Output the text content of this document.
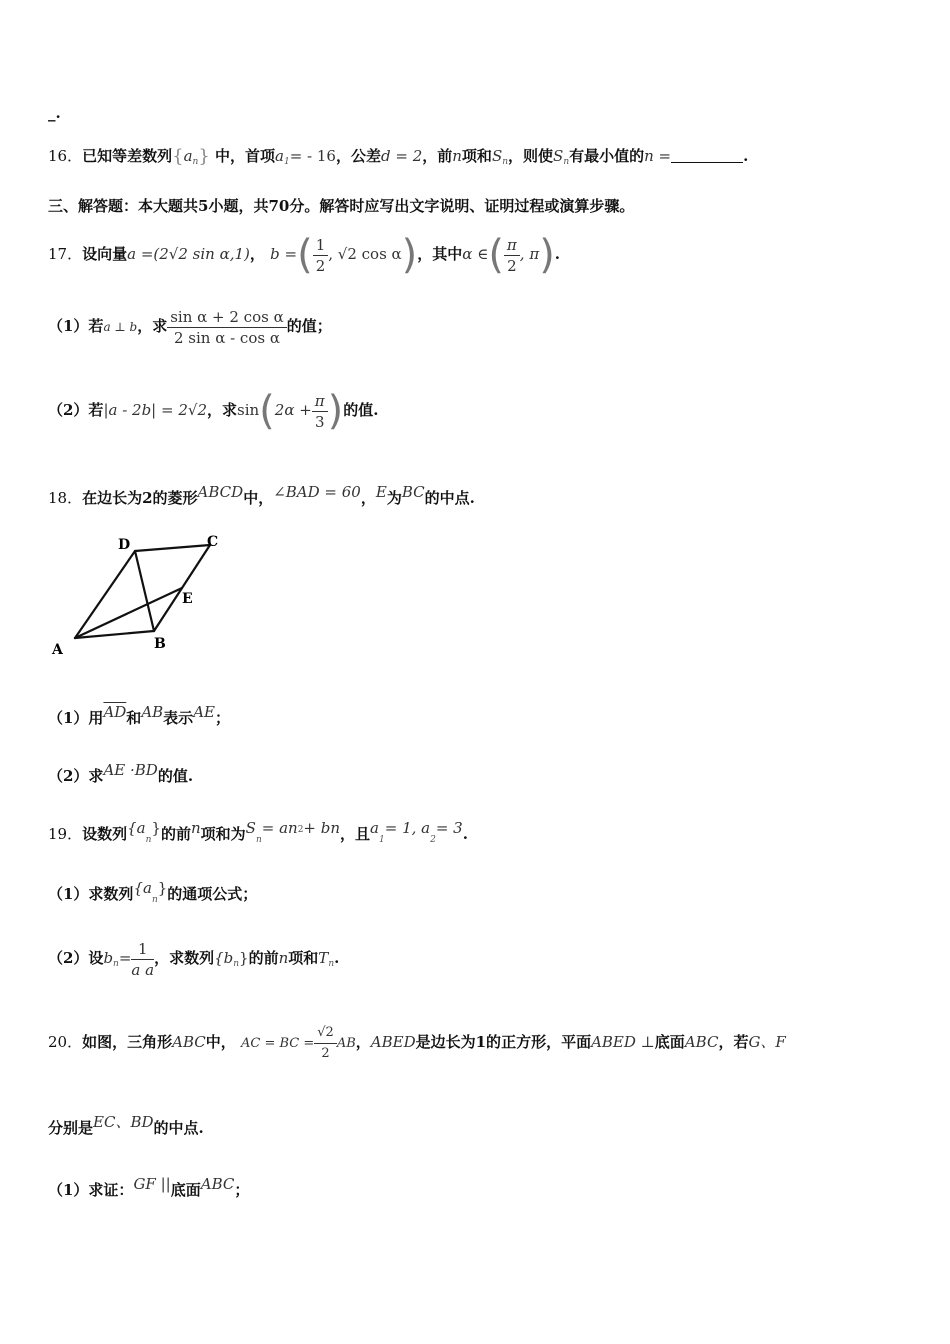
_.
16．已知等差数列$\{a_n\}$ 中，首项$a_1= - 16$，公差d = 2，前n项和$S_n$，则使$S_n$有最小值的n =	.
三、解答题：本大题共5小题，共70分。解答时应写出文字说明、证明过程或演算步骤。
17．设向量a =(2√2 sin α,1)， b =( $\frac{1}{2}$ , √2 cos α)，其中α ∈( $\frac{\pi}{2}$ , π).
（1）若a ⊥ b，求 $\frac{\text{sin α + 2 cos α}}{\text{2 sin α - cos α}}$ 的值；
（2）若|a - 2b| = 2√2，求$\sin(2\alpha + \frac{\pi}{3}$ )的值.
18．在边长为2的菱形ABCD中，∠BAD = 60，E为BC的中点.
A	B
C
D
E
（1）用$\overline{AD}$和AB表示AE；
（2）求AE ·BD的值.
19．设数列$\{a_n\}$的前n项和为$S_n= an^2+$ bn，且$a_1= 1$, $a_2= 3$.
（1）求数列$\{a_n\}$的通项公式；
（2）设$b_n= \frac{1}{\text{a a}}$ ，求数列$\{b_n\}$的前n项和$T_n$.
20．如图，三角形ABC中， AC = BC = $\frac{√2}{2}$ AB，ABED是边长为1的正方形，平面ABED ⊥底面ABC，若G、F
分别是EC、BD的中点.
（1）求证：GF ||底面ABC；
